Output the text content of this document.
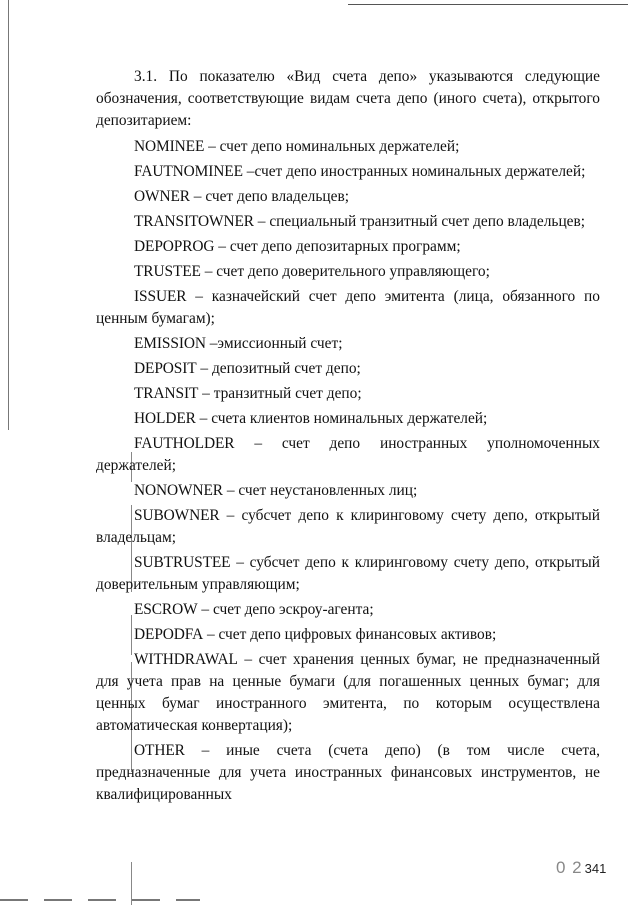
3.1. По показателю «Вид счета депо» указываются следующие обозначения, соответствующие видам счета депо (иного счета), открытого депозитарием:

NOMINEE – счет депо номинальных держателей;

FAUTNOMINEE –счет депо иностранных номинальных держателей;

OWNER – счет депо владельцев;

TRANSITOWNER – специальный транзитный счет депо владельцев;

DEPOPROG – счет депо депозитарных программ;

TRUSTEE – счет депо доверительного управляющего;

ISSUER – казначейский счет депо эмитента (лица, обязанного по ценным бумагам);

EMISSION –эмиссионный счет;

DEPOSIT – депозитный счет депо;

TRANSIT – транзитный счет депо;

HOLDER – счета клиентов номинальных держателей;

FAUTHOLDER – счет депо иностранных уполномоченных держателей;

NONOWNER – счет неустановленных лиц;

SUBOWNER – субсчет депо к клиринговому счету депо, открытый владельцам;

SUBTRUSTEE – субсчет депо к клиринговому счету депо, открытый доверительным управляющим;

ESCROW – счет депо эскроу-агента;

DEPODFA – счет депо цифровых финансовых активов;

WITHDRAWAL – счет хранения ценных бумаг, не предназначенный для учета прав на ценные бумаги (для погашенных ценных бумаг; для ценных бумаг иностранного эмитента, по которым осуществлена автоматическая конвертация);

OTHER – иные счета (счета депо) (в том числе счета, предназначенные для учета иностранных финансовых инструментов, не квалифицированных

0 2 341
